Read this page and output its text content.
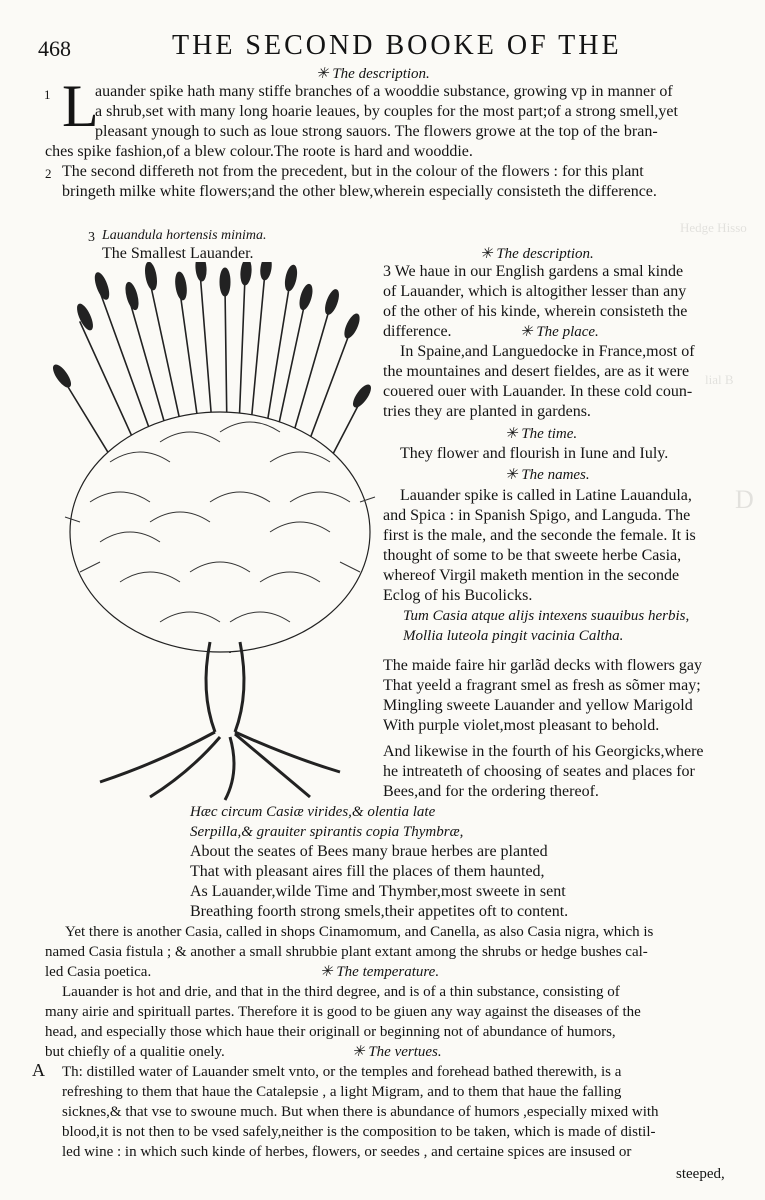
Hedge Hisso
lial B
D
468	THE SECOND BOOKE OF THE
✳ The description.
1 L
auander spike hath many stiffe branches of a wooddie substance, growing vp in manner of
a shrub,set with many long hoarie leaues, by couples for the most part;of a strong smell,yet
pleasant ynough to such as loue strong sauors. The flowers growe at the top of the bran-
ches spike fashion,of a blew colour.The roote is hard and wooddie.
2 The second differeth not from the precedent, but in the colour of the flowers : for this plant
bringeth milke white flowers;and the other blew,wherein especially consisteth the difference.
3 Lauandula hortensis minima.
The Smallest Lauander.	✳ The description.
3 We haue in our English gardens a smal kinde
of Lauander, which is altogither lesser than any
of the other of his kinde, wherein consisteth the
difference.	✳ The place.
In Spaine,and Languedocke in France,most of
the mountaines and desert fieldes, are as it were
couered ouer with Lauander. In these cold coun-
tries they are planted in gardens.
✳ The time.
They flower and flourish in Iune and Iuly.
✳ The names.
Lauander spike is called in Latine Lauandula,
and Spica : in Spanish Spigo, and Languda. The
first is the male, and the seconde the female. It is
thought of some to be that sweete herbe Casia,
whereof Virgil maketh mention in the seconde
Eclog of his Bucolicks.
Tum Casia atque alijs intexens suauibus herbis,
Mollia luteola pingit vacinia Caltha.
The maide faire hir garlãd decks with flowers gay
That yeeld a fragrant smel as fresh as sõmer may;
Mingling sweete Lauander and yellow Marigold
With purple violet,most pleasant to behold.
And likewise in the fourth of his Georgicks,where
he intreateth of choosing of seates and places for
Bees,and for the ordering thereof.
Hæc circum Casiæ virides,& olentia late
Serpilla,& grauiter spirantis copia Thymbræ,
About the seates of Bees many braue herbes are planted
That with pleasant aires fill the places of them haunted,
As Lauander,wilde Time and Thymber,most sweete in sent
Breathing foorth strong smels,their appetites oft to content.
Yet there is another Casia, called in shops Cinamomum, and Canella, as also Casia nigra, which is
named Casia fistula ; & another a small shrubbie plant extant among the shrubs or hedge bushes cal-
led Casia poetica.	✳ The temperature.
Lauander is hot and drie, and that in the third degree, and is of a thin substance, consisting of
many airie and spirituall partes. Therefore it is good to be giuen any way against the diseases of the
head, and especially those which haue their originall or beginning not of abundance of humors,
but chiefly of a qualitie onely.	✳ The vertues.
A Th: distilled water of Lauander smelt vnto, or the temples and forehead bathed therewith, is a
refreshing to them that haue the Catalepsie , a light Migram, and to them that haue the falling
sicknes,& that vse to swoune much. But when there is abundance of humors ,especially mixed with
blood,it is not then to be vsed safely,neither is the composition to be taken, which is made of distil-
led wine : in which such kinde of herbes, flowers, or seedes , and certaine spices are insused or
steeped,
